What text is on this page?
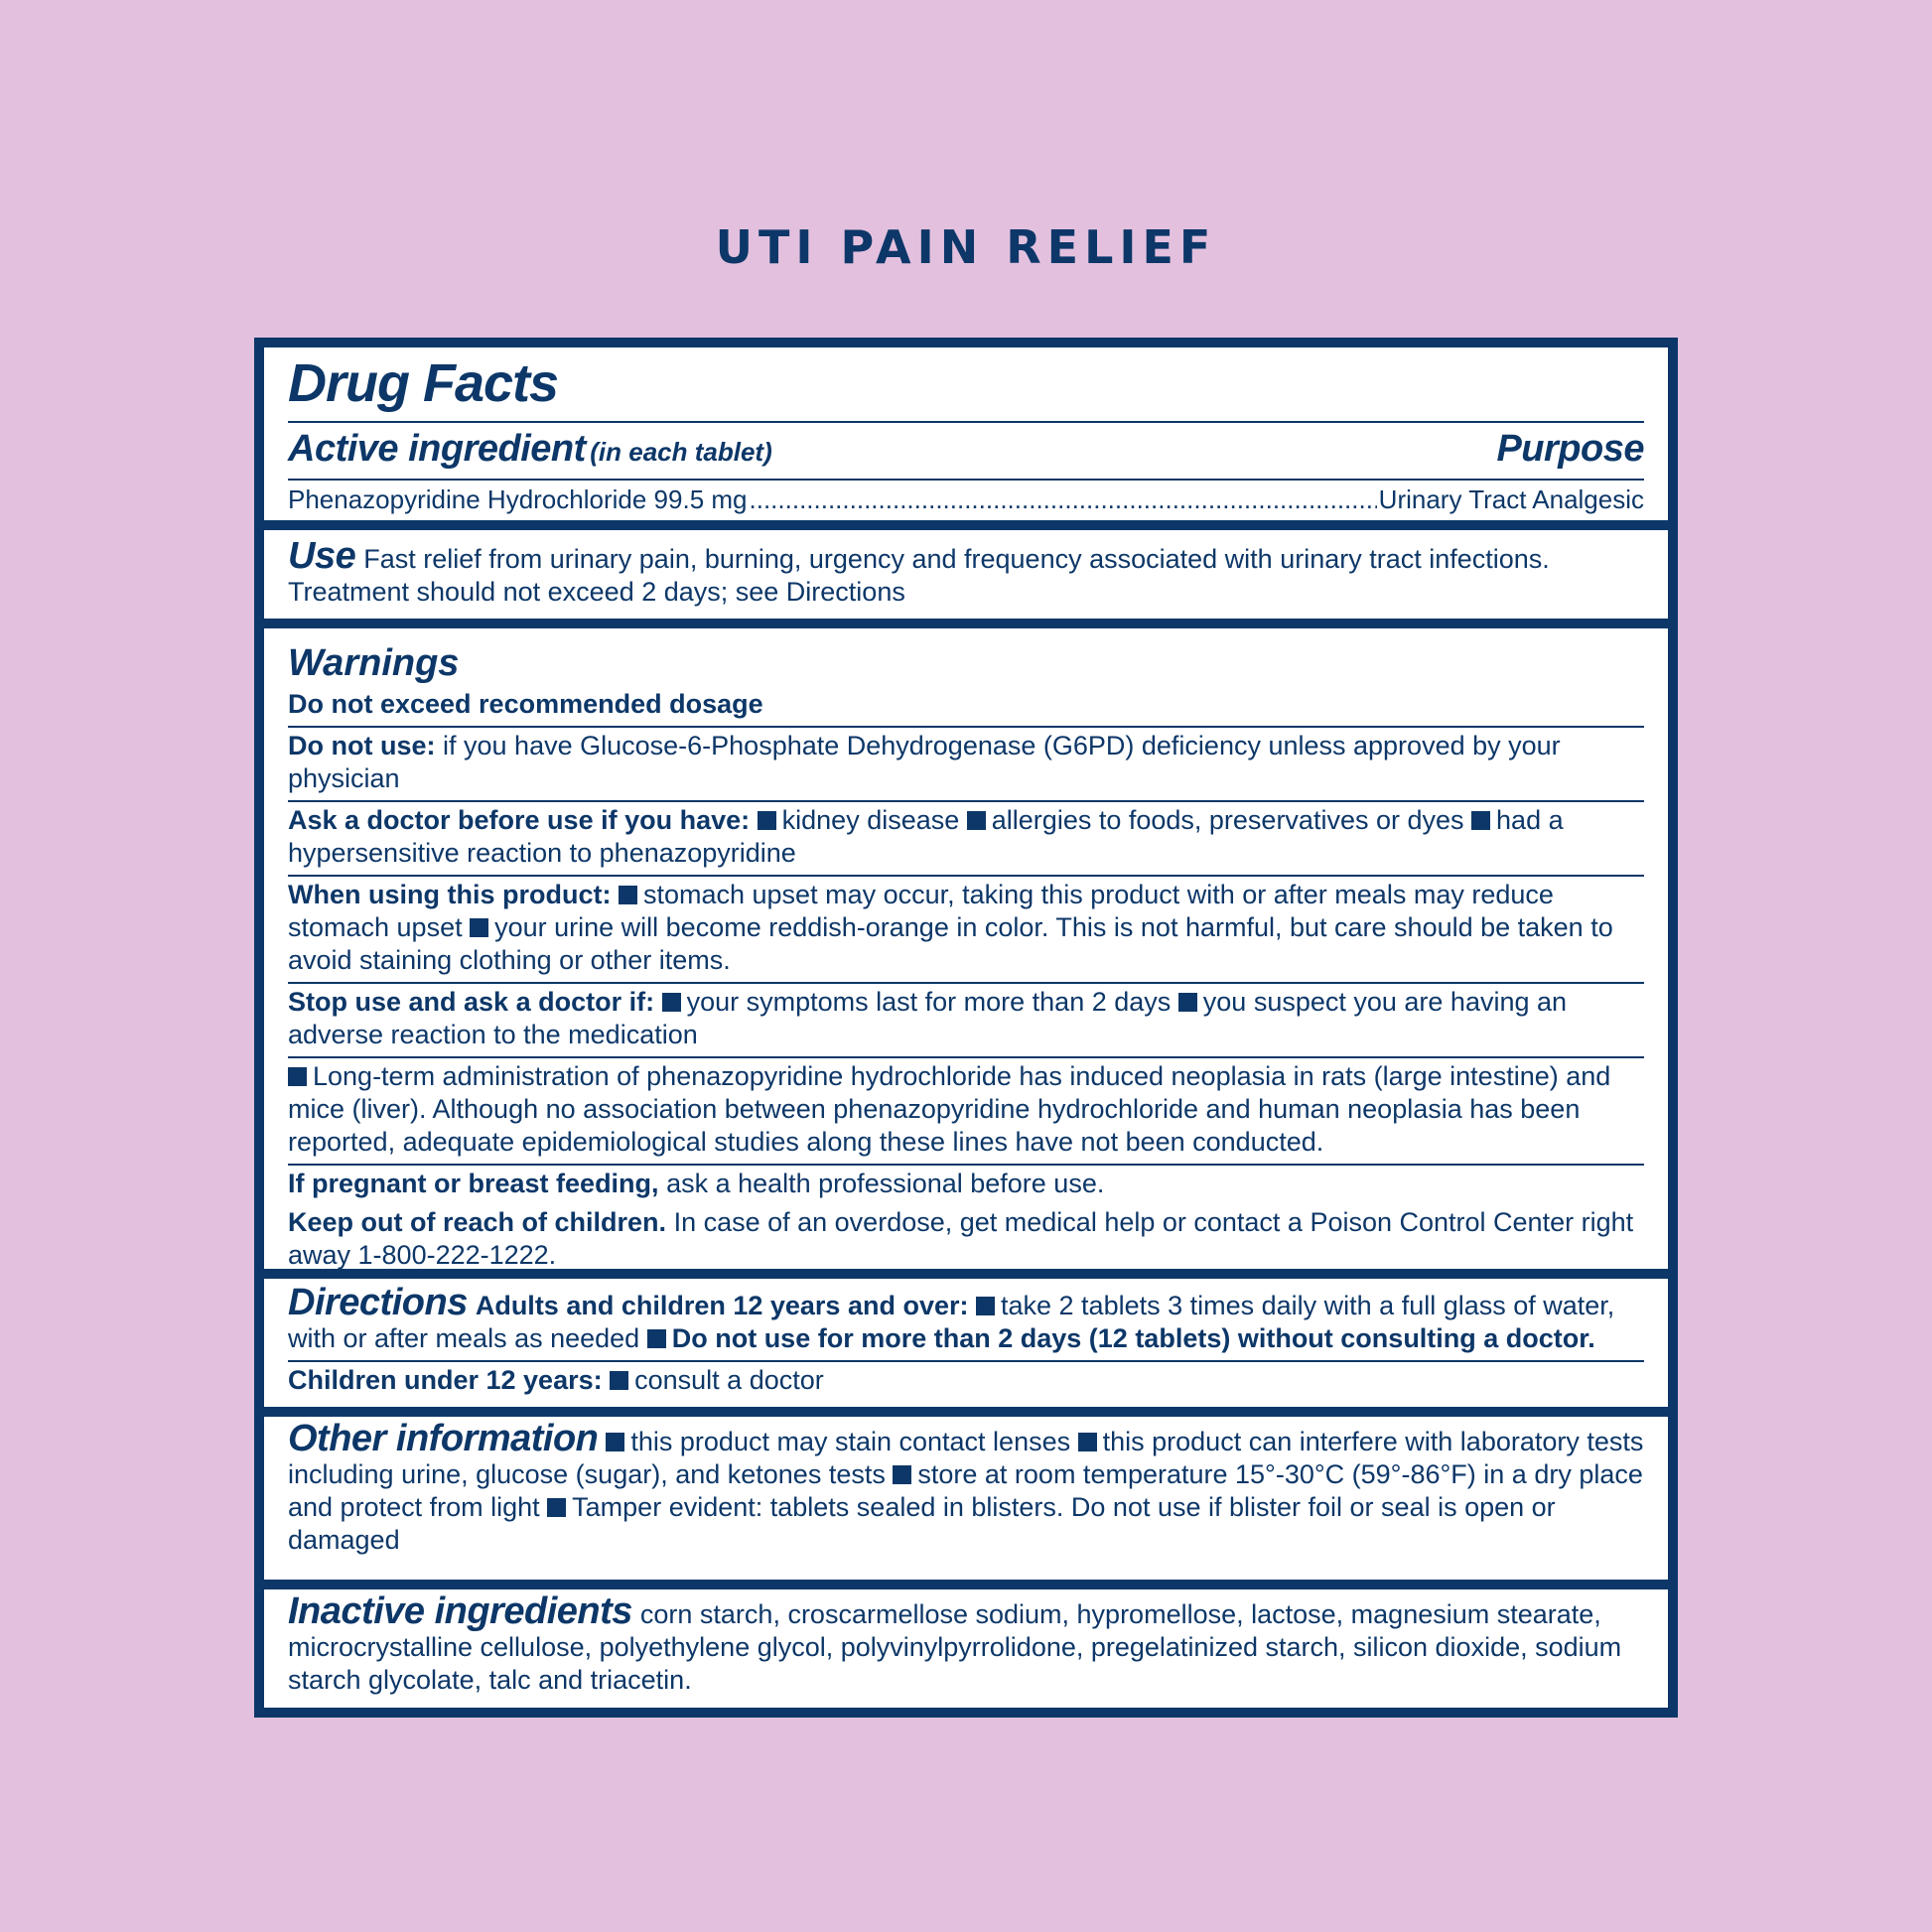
UTI PAIN RELIEF
Drug Facts
Active ingredient (in each tablet)	Purpose
Phenazopyridine Hydrochloride 99.5 mg
.....	Urinary Tract Analgesic
Use Fast relief from urinary pain, burning, urgency and frequency associated with urinary tract infections. Treatment should not exceed 2 days; see Directions
Warnings
Do not exceed recommended dosage
Do not use: if you have Glucose-6-Phosphate Dehydrogenase (G6PD) deficiency unless approved by your physician
Ask a doctor before use if you have: kidney disease allergies to foods, preservatives or dyes had a hypersensitive reaction to phenazopyridine
When using this product: stomach upset may occur, taking this product with or after meals may reduce stomach upset your urine will become reddish-orange in color. This is not harmful, but care should be taken to avoid staining clothing or other items.
Stop use and ask a doctor if: your symptoms last for more than 2 days you suspect you are having an adverse reaction to the medication
Long-term administration of phenazopyridine hydrochloride has induced neoplasia in rats (large intestine) and mice (liver). Although no association between phenazopyridine hydrochloride and human neoplasia has been reported, adequate epidemiological studies along these lines have not been conducted.
If pregnant or breast feeding, ask a health professional before use.
Keep out of reach of children. In case of an overdose, get medical help or contact a Poison Control Center right away 1-800-222-1222.
Directions Adults and children 12 years and over: take 2 tablets 3 times daily with a full glass of water, with or after meals as needed Do not use for more than 2 days (12 tablets) without consulting a doctor.
Children under 12 years: consult a doctor
Other information this product may stain contact lenses this product can interfere with laboratory tests including urine, glucose (sugar), and ketones tests store at room temperature 15°-30°C (59°-86°F) in a dry place and protect from light Tamper evident: tablets sealed in blisters. Do not use if blister foil or seal is open or damaged
Inactive ingredients corn starch, croscarmellose sodium, hypromellose, lactose, magnesium stearate, microcrystalline cellulose, polyethylene glycol, polyvinylpyrrolidone, pregelatinized starch, silicon dioxide, sodium starch glycolate, talc and triacetin.
